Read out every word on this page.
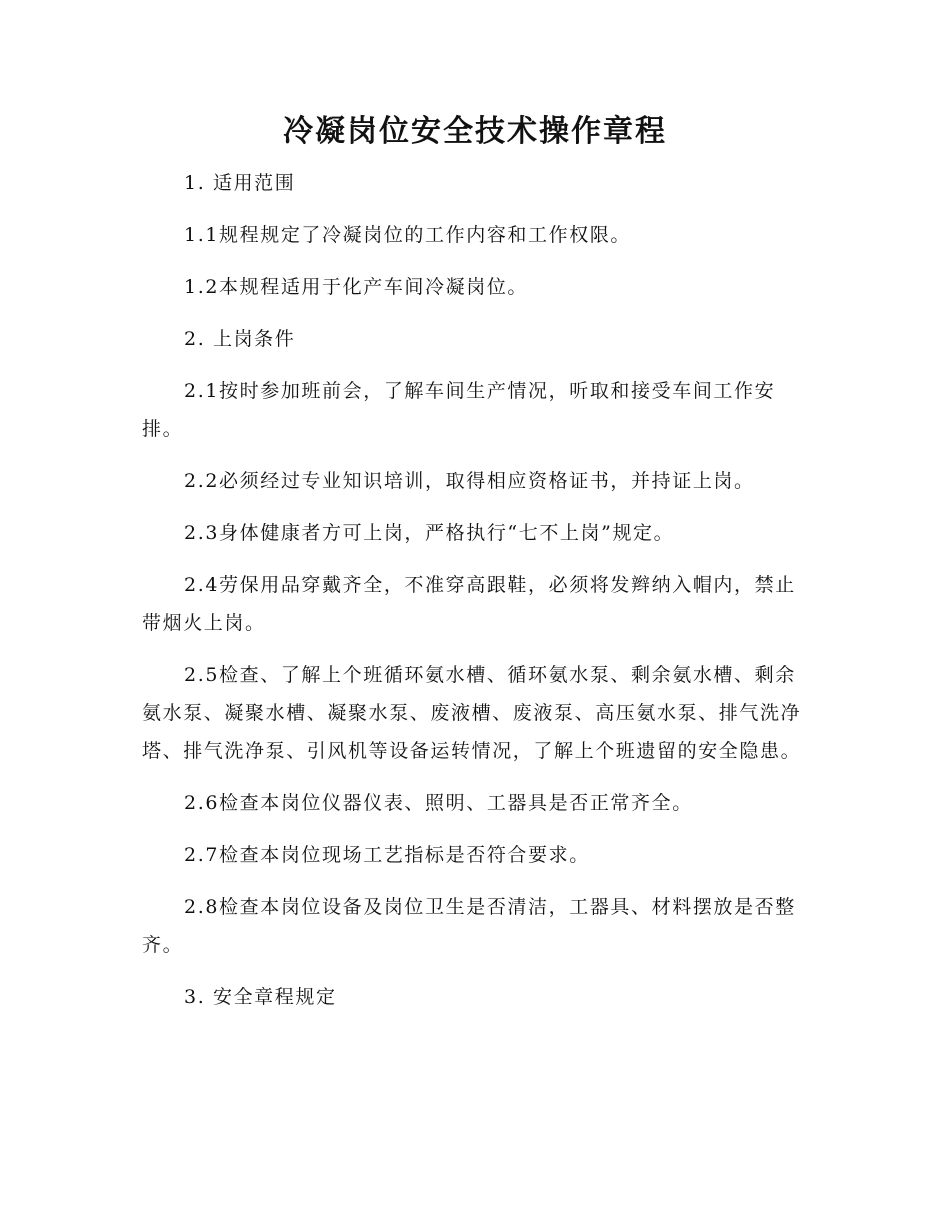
冷凝岗位安全技术操作章程

1. 适用范围

1.1规程规定了冷凝岗位的工作内容和工作权限。

1.2本规程适用于化产车间冷凝岗位。

2. 上岗条件

2.1按时参加班前会，了解车间生产情况，听取和接受车间工作安排。

2.2必须经过专业知识培训，取得相应资格证书，并持证上岗。

2.3身体健康者方可上岗，严格执行“七不上岗”规定。

2.4劳保用品穿戴齐全，不准穿高跟鞋，必须将发辫纳入帽内，禁止带烟火上岗。

2.5检查、了解上个班循环氨水槽、循环氨水泵、剩余氨水槽、剩余氨水泵、凝聚水槽、凝聚水泵、废液槽、废液泵、高压氨水泵、排气洗净塔、排气洗净泵、引风机等设备运转情况，了解上个班遗留的安全隐患。

2.6检查本岗位仪器仪表、照明、工器具是否正常齐全。

2.7检查本岗位现场工艺指标是否符合要求。

2.8检查本岗位设备及岗位卫生是否清洁，工器具、材料摆放是否整齐。

3. 安全章程规定
